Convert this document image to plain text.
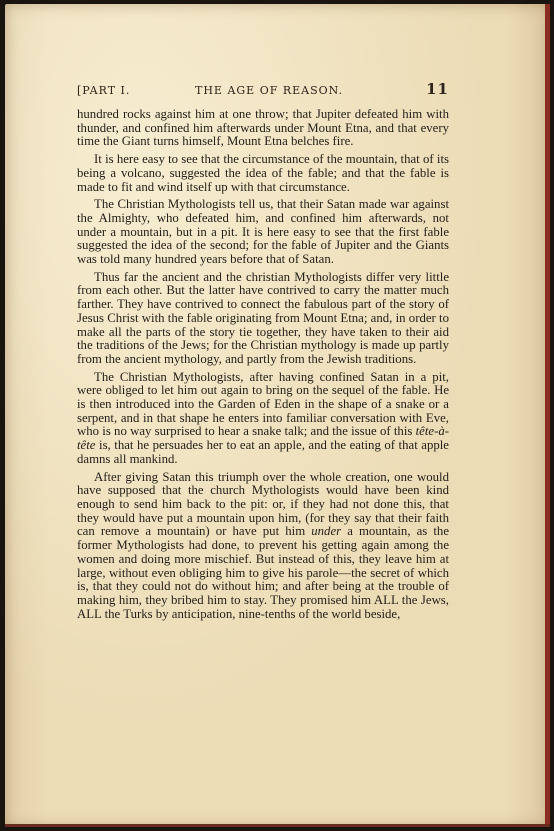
[PART I.	THE AGE OF REASON.	11

hundred rocks against him at one throw; that Jupiter defeated him with thunder, and confined him afterwards under Mount Etna, and that every time the Giant turns himself, Mount Etna belches fire.

It is here easy to see that the circumstance of the mountain, that of its being a volcano, suggested the idea of the fable; and that the fable is made to fit and wind itself up with that circumstance.

The Christian Mythologists tell us, that their Satan made war against the Almighty, who defeated him, and confined him afterwards, not under a mountain, but in a pit. It is here easy to see that the first fable suggested the idea of the second; for the fable of Jupiter and the Giants was told many hundred years before that of Satan.

Thus far the ancient and the christian Mythologists differ very little from each other. But the latter have contrived to carry the matter much farther. They have contrived to connect the fabulous part of the story of Jesus Christ with the fable originating from Mount Etna; and, in order to make all the parts of the story tie together, they have taken to their aid the traditions of the Jews; for the Christian mythology is made up partly from the ancient mythology, and partly from the Jewish traditions.

The Christian Mythologists, after having confined Satan in a pit, were obliged to let him out again to bring on the sequel of the fable. He is then introduced into the Garden of Eden in the shape of a snake or a serpent, and in that shape he enters into familiar conversation with Eve, who is no way surprised to hear a snake talk; and the issue of this tête-à-tête is, that he persuades her to eat an apple, and the eating of that apple damns all mankind.

After giving Satan this triumph over the whole creation, one would have supposed that the church Mythologists would have been kind enough to send him back to the pit: or, if they had not done this, that they would have put a mountain upon him, (for they say that their faith can remove a mountain) or have put him under a mountain, as the former Mythologists had done, to prevent his getting again among the women and doing more mischief. But instead of this, they leave him at large, without even obliging him to give his parole—the secret of which is, that they could not do without him; and after being at the trouble of making him, they bribed him to stay. They promised him ALL the Jews, ALL the Turks by anticipation, nine-tenths of the world beside,
